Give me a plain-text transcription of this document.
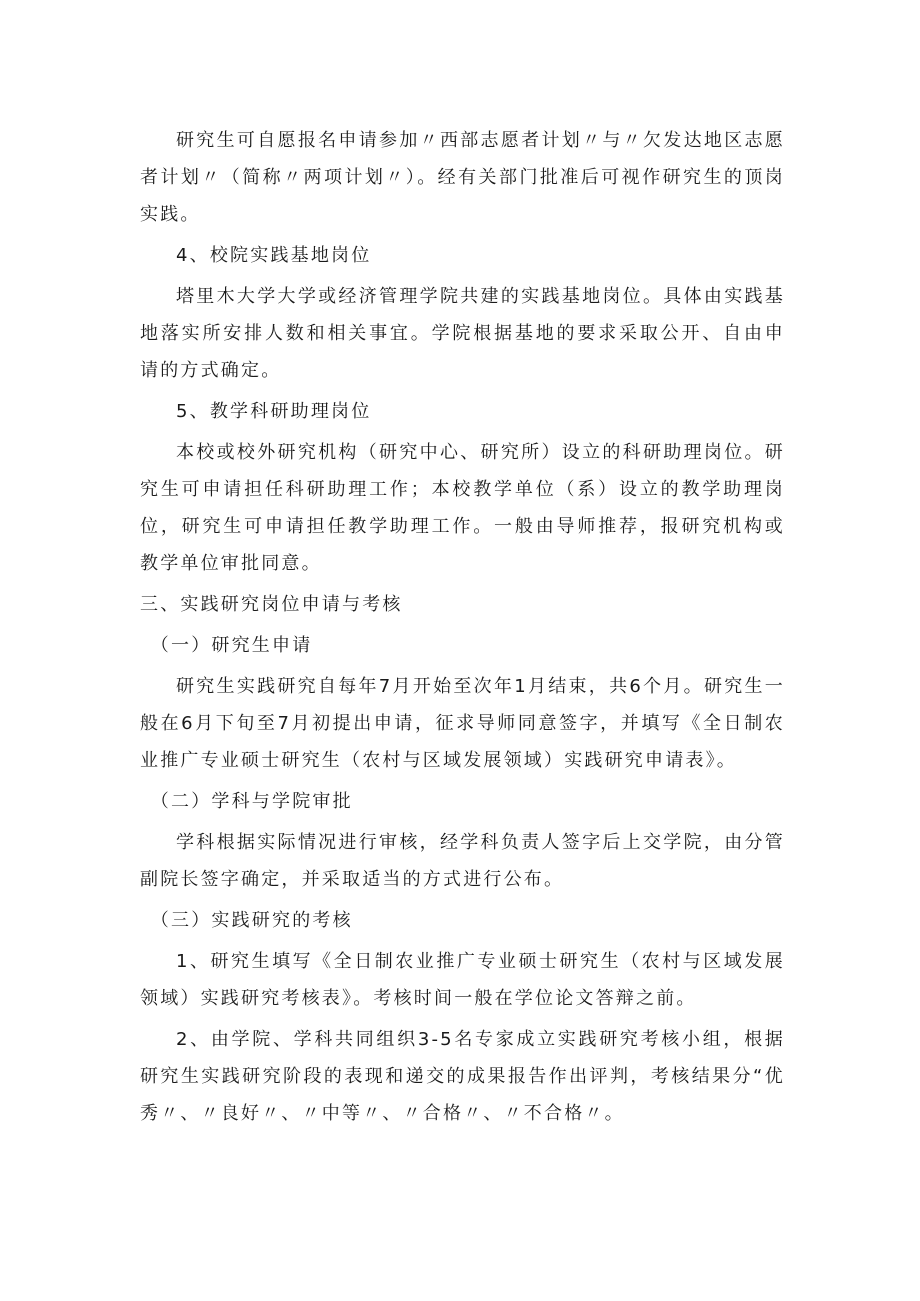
研究生可自愿报名申请参加〃西部志愿者计划〃与〃欠发达地区志愿者计划〃（简称〃两项计划〃）。经有关部门批准后可视作研究生的顶岗实践。

4、校院实践基地岗位

塔里木大学大学或经济管理学院共建的实践基地岗位。具体由实践基地落实所安排人数和相关事宜。学院根据基地的要求采取公开、自由申请的方式确定。

5、教学科研助理岗位

本校或校外研究机构（研究中心、研究所）设立的科研助理岗位。研究生可申请担任科研助理工作；本校教学单位（系）设立的教学助理岗位，研究生可申请担任教学助理工作。一般由导师推荐，报研究机构或教学单位审批同意。

三、实践研究岗位申请与考核

（一）研究生申请

研究生实践研究自每年7月开始至次年1月结束，共6个月。研究生一般在6月下旬至7月初提出申请，征求导师同意签字，并填写《全日制农业推广专业硕士研究生（农村与区域发展领域）实践研究申请表》。

（二）学科与学院审批

学科根据实际情况进行审核，经学科负责人签字后上交学院，由分管副院长签字确定，并采取适当的方式进行公布。

（三）实践研究的考核

1、研究生填写《全日制农业推广专业硕士研究生（农村与区域发展领域）实践研究考核表》。考核时间一般在学位论文答辩之前。

2、由学院、学科共同组织3-5名专家成立实践研究考核小组，根据研究生实践研究阶段的表现和递交的成果报告作出评判，考核结果分“优秀〃、〃良好〃、〃中等〃、〃合格〃、〃不合格〃。
